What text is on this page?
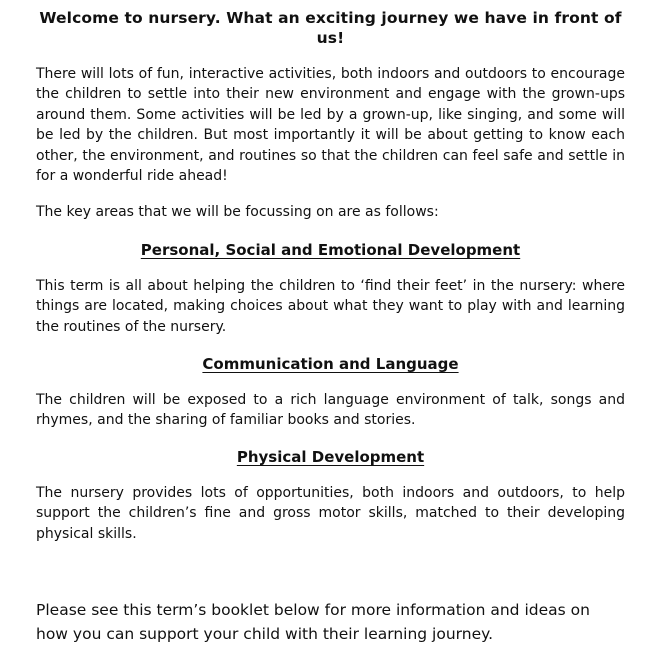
Welcome to nursery. What an exciting journey we have in front of us!

There will lots of fun, interactive activities, both indoors and outdoors to encourage the children to settle into their new environment and engage with the grown-ups around them. Some activities will be led by a grown-up, like singing, and some will be led by the children. But most importantly it will be about getting to know each other, the environment, and routines so that the children can feel safe and settle in for a wonderful ride ahead!

The key areas that we will be focussing on are as follows:

Personal, Social and Emotional Development

This term is all about helping the children to ‘find their feet’ in the nursery: where things are located, making choices about what they want to play with and learning the routines of the nursery.

Communication and Language

The children will be exposed to a rich language environment of talk, songs and rhymes, and the sharing of familiar books and stories.

Physical Development

The nursery provides lots of opportunities, both indoors and outdoors, to help support the children’s fine and gross motor skills, matched to their developing physical skills.

Please see this term’s booklet below for more information and ideas on how you can support your child with their learning journey.
